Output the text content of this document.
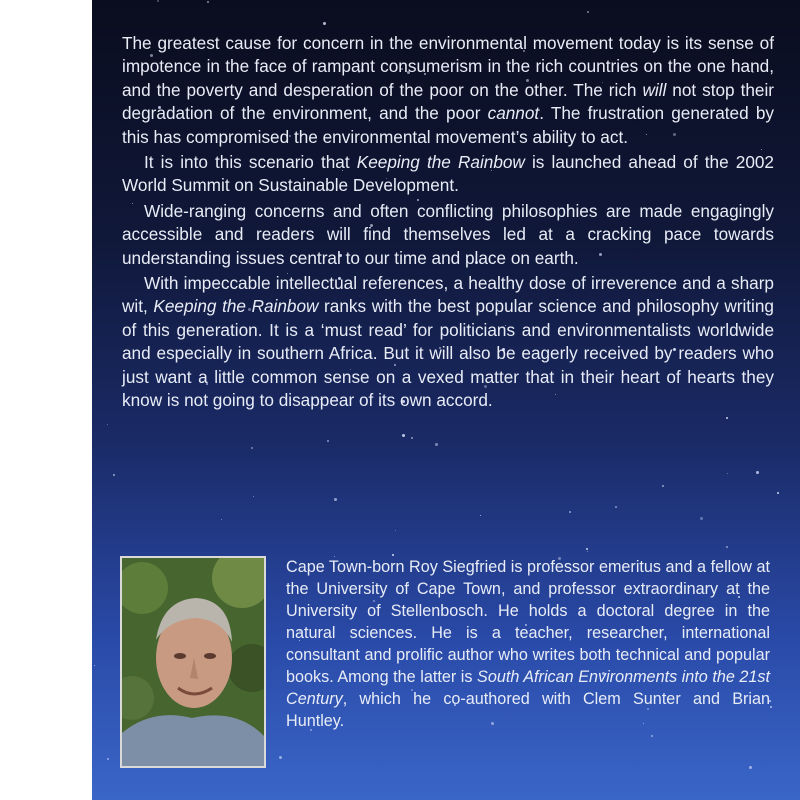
The greatest cause for concern in the environmental movement today is its sense of impotence in the face of rampant consumerism in the rich countries on the one hand, and the poverty and desperation of the poor on the other. The rich will not stop their degradation of the environment, and the poor cannot. The frustration generated by this has compromised the environmental movement’s ability to act.

It is into this scenario that Keeping the Rainbow is launched ahead of the 2002 World Summit on Sustainable Development.

Wide-ranging concerns and often conflicting philosophies are made engagingly accessible and readers will find themselves led at a cracking pace towards understanding issues central to our time and place on earth.

With impeccable intellectual references, a healthy dose of irreverence and a sharp wit, Keeping the Rainbow ranks with the best popular science and philosophy writing of this generation. It is a ‘must read’ for politicians and environmentalists worldwide and especially in southern Africa. But it will also be eagerly received by readers who just want a little common sense on a vexed matter that in their heart of hearts they know is not going to disappear of its own accord.

Cape Town-born Roy Siegfried is professor emeritus and a fellow at the University of Cape Town, and professor extraordinary at the University of Stellenbosch. He holds a doctoral degree in the natural sciences. He is a teacher, researcher, international consultant and prolific author who writes both technical and popular books. Among the latter is South African Environments into the 21st Century, which he co-authored with Clem Sunter and Brian Huntley.
